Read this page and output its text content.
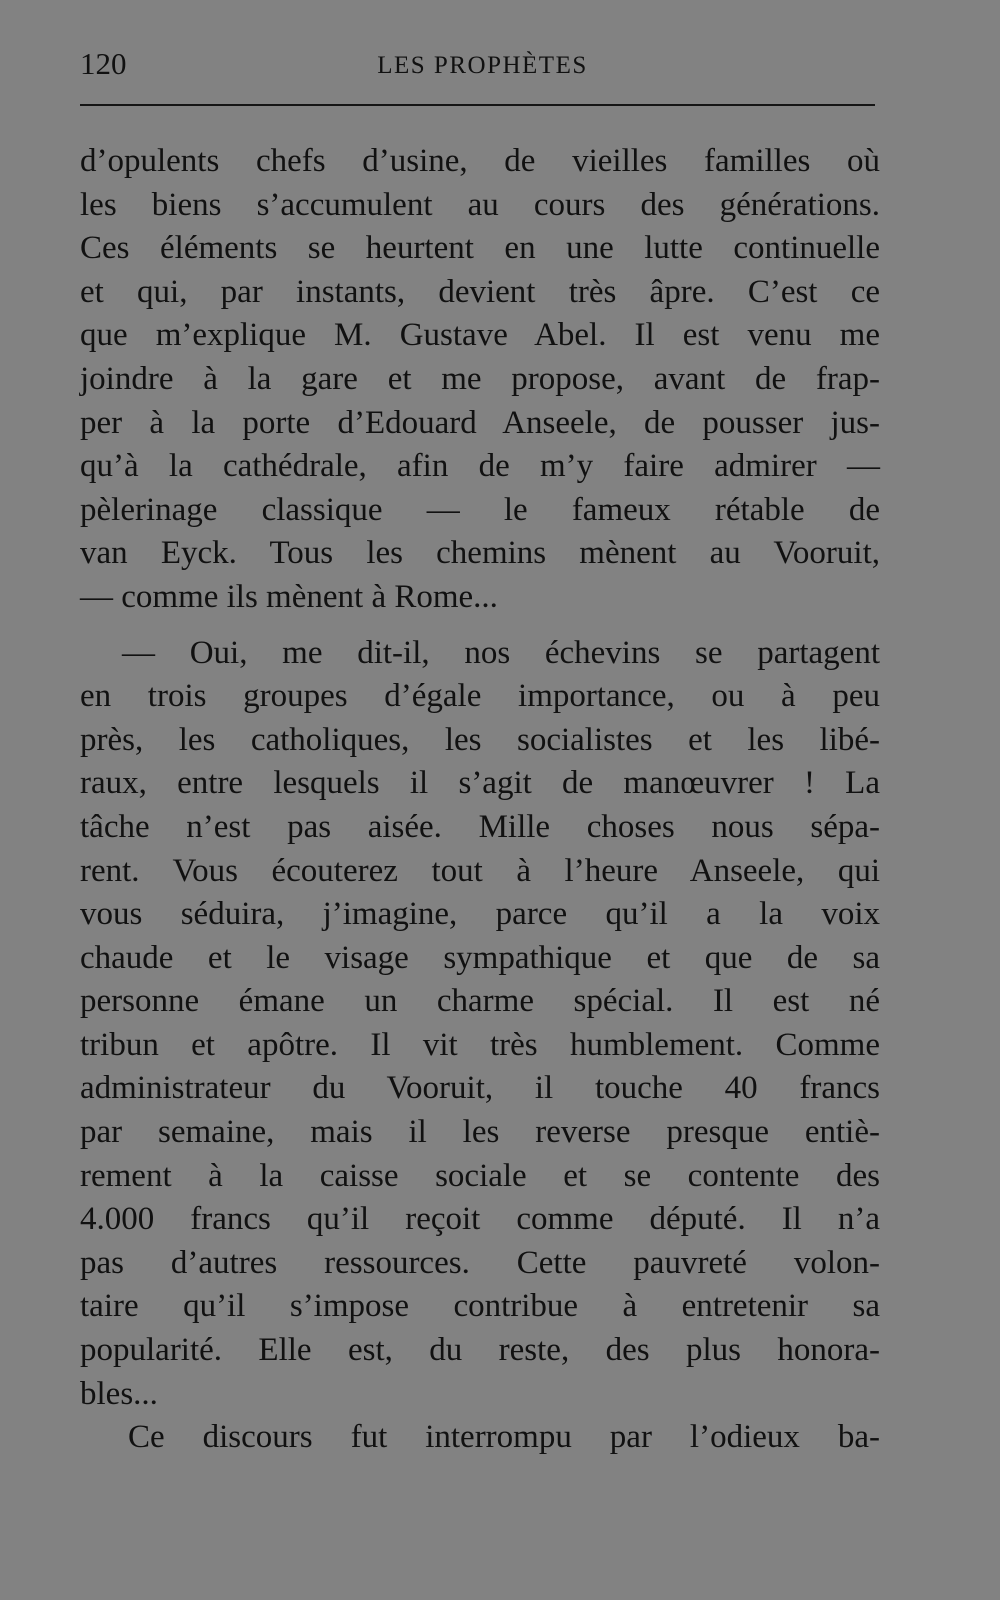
120	LES PROPHÈTES
d’opulents chefs d’usine, de vieilles familles où
les biens s’accumulent au cours des générations.
Ces éléments se heurtent en une lutte continuelle
et qui, par instants, devient très âpre. C’est ce
que m’explique M. Gustave Abel. Il est venu me
joindre à la gare et me propose, avant de frap-
per à la porte d’Edouard Anseele, de pousser jus-
qu’à la cathédrale, afin de m’y faire admirer —
pèlerinage classique — le fameux rétable de
van Eyck. Tous les chemins mènent au Vooruit,
— comme ils mènent à Rome...
— Oui, me dit-il, nos échevins se partagent
en trois groupes d’égale importance, ou à peu
près, les catholiques, les socialistes et les libé-
raux, entre lesquels il s’agit de manœuvrer ! La
tâche n’est pas aisée. Mille choses nous sépa-
rent. Vous écouterez tout à l’heure Anseele, qui
vous séduira, j’imagine, parce qu’il a la voix
chaude et le visage sympathique et que de sa
personne émane un charme spécial. Il est né
tribun et apôtre. Il vit très humblement. Comme
administrateur du Vooruit, il touche 40 francs
par semaine, mais il les reverse presque entiè-
rement à la caisse sociale et se contente des
4.000 francs qu’il reçoit comme député. Il n’a
pas d’autres ressources. Cette pauvreté volon-
taire qu’il s’impose contribue à entretenir sa
popularité. Elle est, du reste, des plus honora-
bles...
Ce discours fut interrompu par l’odieux ba-
